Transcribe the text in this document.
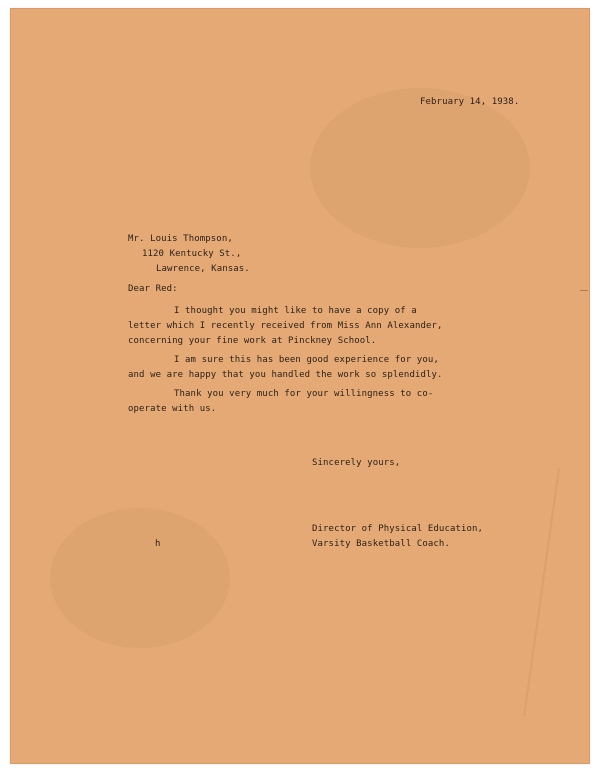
February 14, 1938.

Mr. Louis Thompson,

1120 Kentucky St.,

Lawrence, Kansas.

Dear Red:

I thought you might like to have a copy of a

letter which I recently received from Miss Ann Alexander,

concerning your fine work at Pinckney School.

I am sure this has been good experience for you,

and we are happy that you handled the work so splendidly.

Thank you very much for your willingness to co-

operate with us.

Sincerely yours,

Director of Physical Education,

Varsity Basketball Coach.

h
